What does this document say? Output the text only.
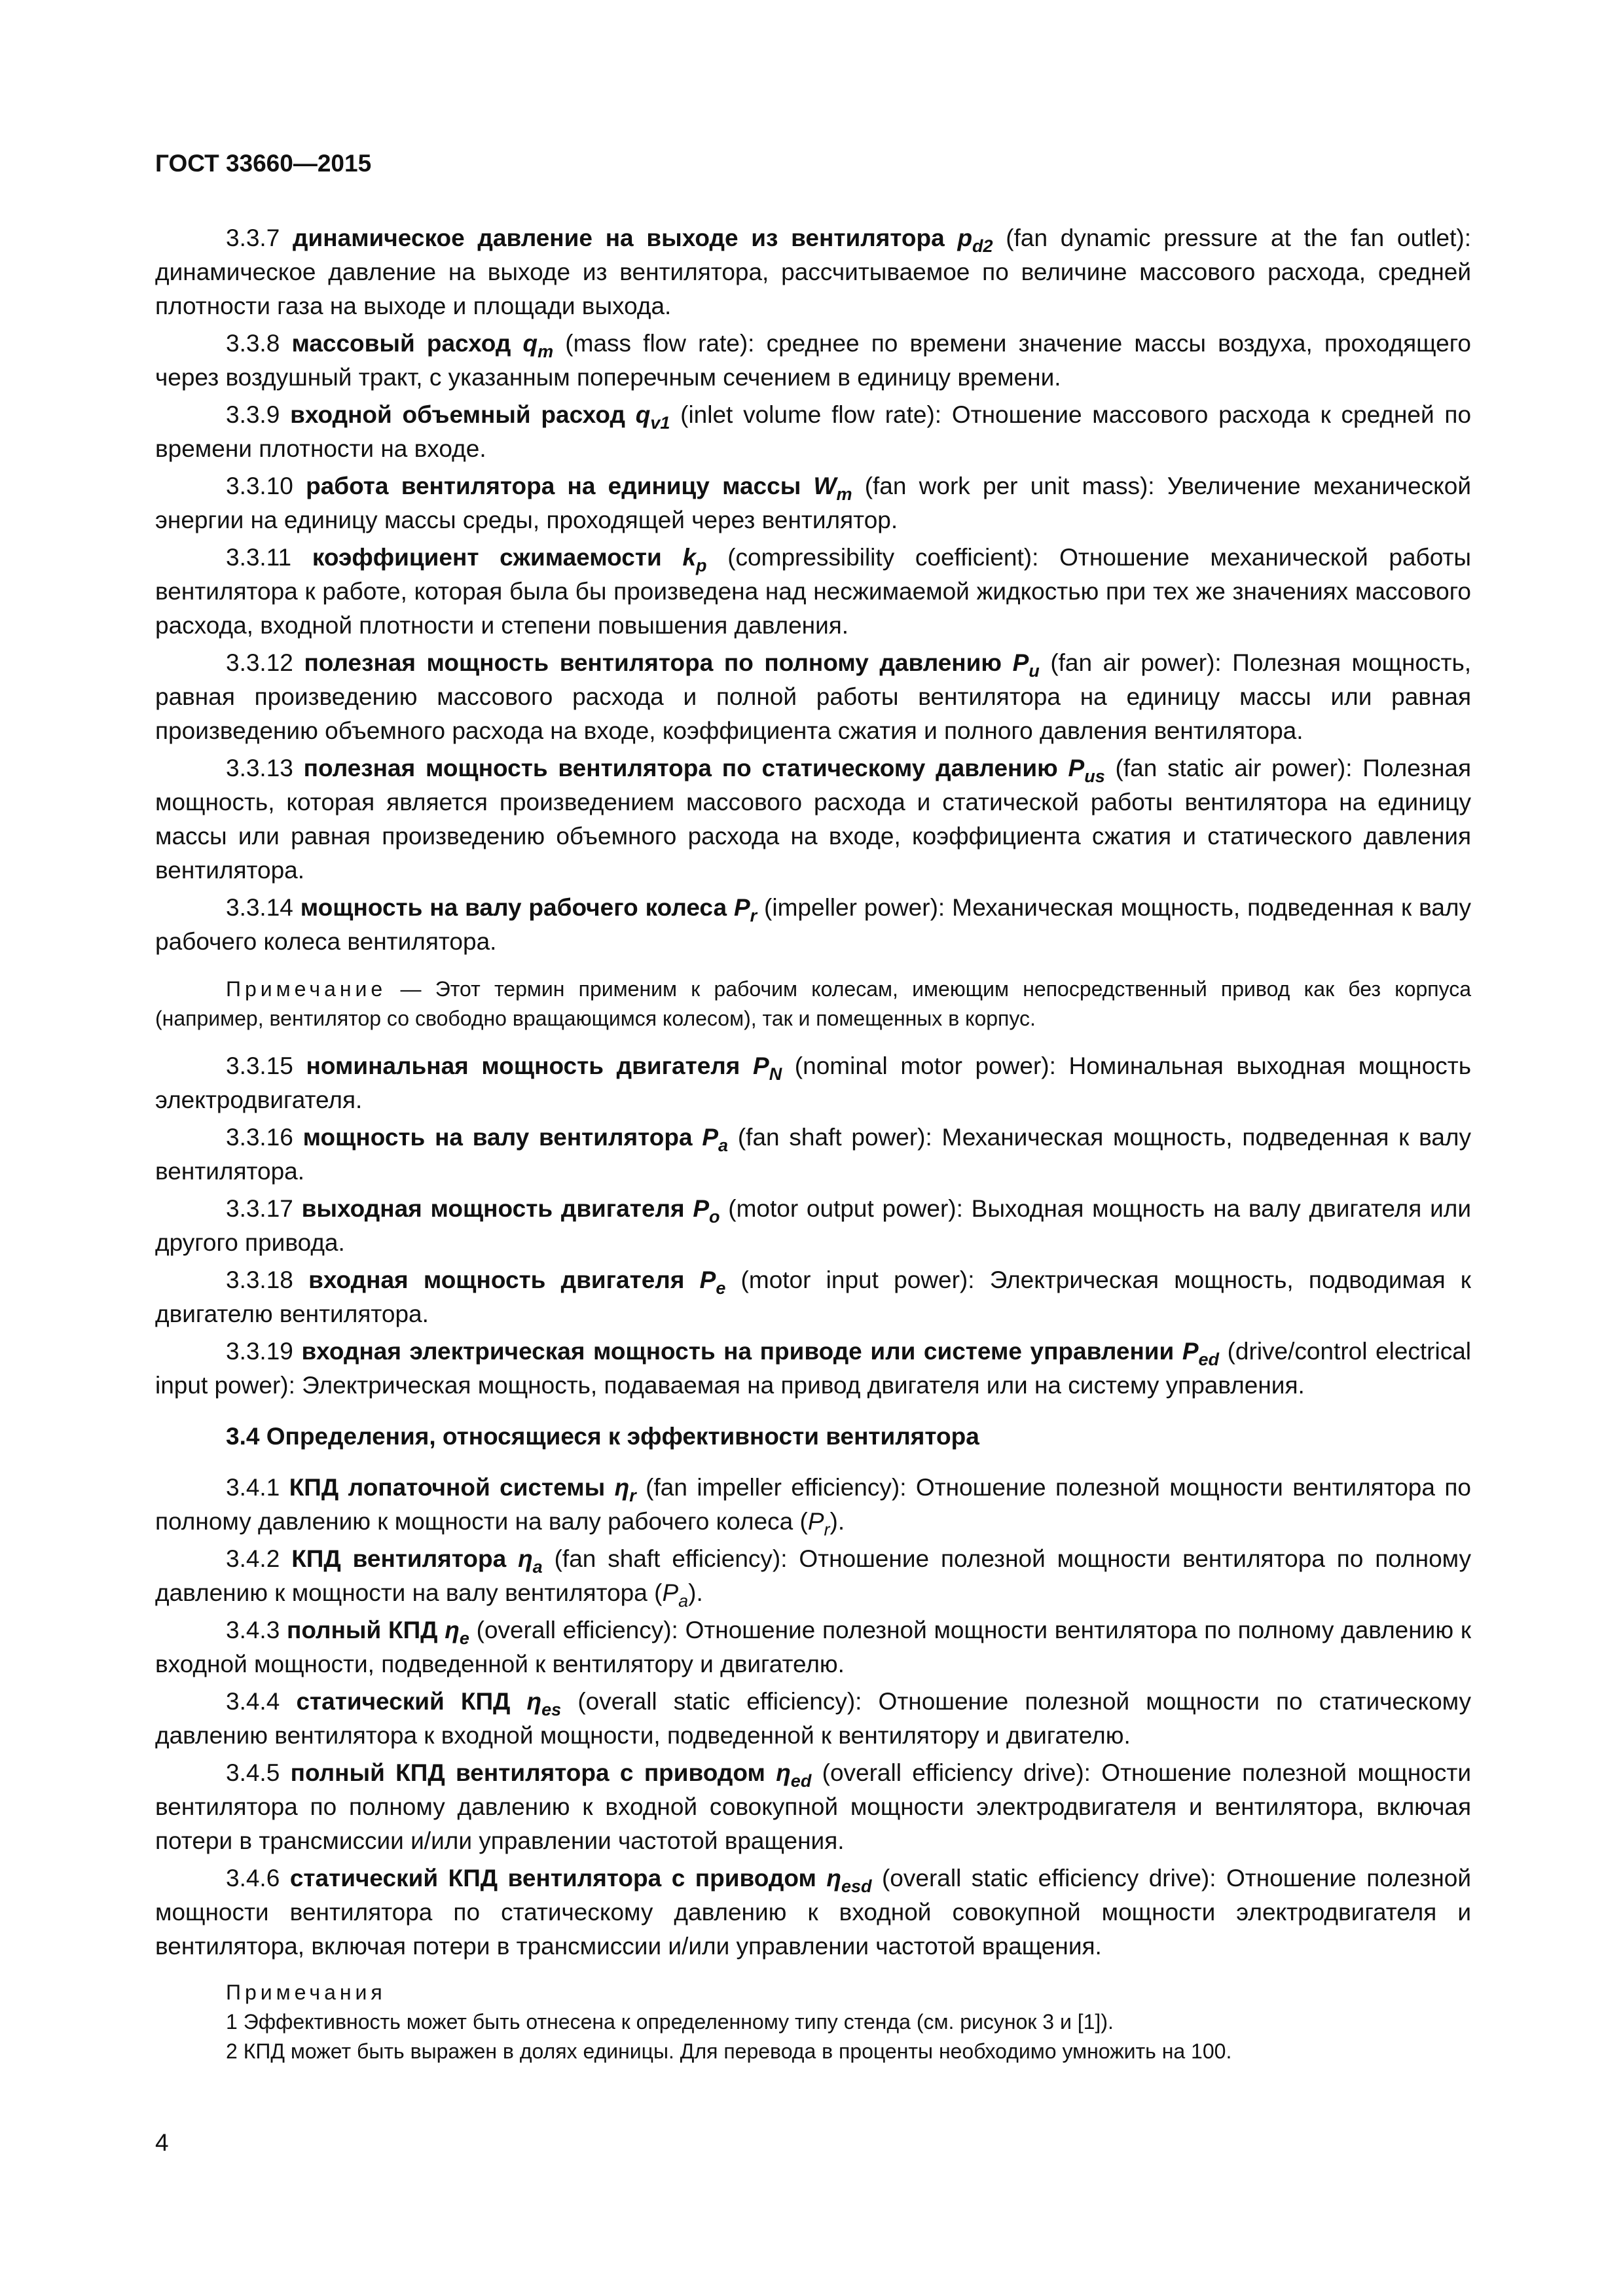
ГОСТ 33660—2015
3.3.7 динамическое давление на выходе из вентилятора $p_{d2}$ (fan dynamic pressure at the fan outlet): динамическое давление на выходе из вентилятора, рассчитываемое по величине массового расхода, средней плотности газа на выходе и площади выхода.
3.3.8 массовый расход $q_m$ (mass flow rate): среднее по времени значение массы воздуха, проходящего через воздушный тракт, с указанным поперечным сечением в единицу времени.
3.3.9 входной объемный расход $q_{v1}$ (inlet volume flow rate): Отношение массового расхода к средней по времени плотности на входе.
3.3.10 работа вентилятора на единицу массы $W_m$ (fan work per unit mass): Увеличение механической энергии на единицу массы среды, проходящей через вентилятор.
3.3.11 коэффициент сжимаемости $k_p$ (compressibility coefficient): Отношение механической работы вентилятора к работе, которая была бы произведена над несжимаемой жидкостью при тех же значениях массового расхода, входной плотности и степени повышения давления.
3.3.12 полезная мощность вентилятора по полному давлению $P_u$ (fan air power): Полезная мощность, равная произведению массового расхода и полной работы вентилятора на единицу массы или равная произведению объемного расхода на входе, коэффициента сжатия и полного давления вентилятора.
3.3.13 полезная мощность вентилятора по статическому давлению $P_{us}$ (fan static air power): Полезная мощность, которая является произведением массового расхода и статической работы вентилятора на единицу массы или равная произведению объемного расхода на входе, коэффициента сжатия и статического давления вентилятора.
3.3.14 мощность на валу рабочего колеса $P_r$ (impeller power): Механическая мощность, подведенная к валу рабочего колеса вентилятора.
Примечание — Этот термин применим к рабочим колесам, имеющим непосредственный привод как без корпуса (например, вентилятор со свободно вращающимся колесом), так и помещенных в корпус.
3.3.15 номинальная мощность двигателя $P_N$ (nominal motor power): Номинальная выходная мощность электродвигателя.
3.3.16 мощность на валу вентилятора $P_a$ (fan shaft power): Механическая мощность, подведенная к валу вентилятора.
3.3.17 выходная мощность двигателя $P_o$ (motor output power): Выходная мощность на валу двигателя или другого привода.
3.3.18 входная мощность двигателя $P_e$ (motor input power): Электрическая мощность, подводимая к двигателю вентилятора.
3.3.19 входная электрическая мощность на приводе или системе управлении $P_{ed}$ (drive/control electrical input power): Электрическая мощность, подаваемая на привод двигателя или на систему управления.
3.4 Определения, относящиеся к эффективности вентилятора
3.4.1 КПД лопаточной системы $\eta_r$ (fan impeller efficiency): Отношение полезной мощности вентилятора по полному давлению к мощности на валу рабочего колеса $(P_r)$.
3.4.2 КПД вентилятора $\eta_a$ (fan shaft efficiency): Отношение полезной мощности вентилятора по полному давлению к мощности на валу вентилятора $(P_a)$.
3.4.3 полный КПД $\eta_e$ (overall efficiency): Отношение полезной мощности вентилятора по полному давлению к входной мощности, подведенной к вентилятору и двигателю.
3.4.4 статический КПД $\eta_{es}$ (overall static efficiency): Отношение полезной мощности по статическому давлению вентилятора к входной мощности, подведенной к вентилятору и двигателю.
3.4.5 полный КПД вентилятора с приводом $\eta_{ed}$ (overall efficiency drive): Отношение полезной мощности вентилятора по полному давлению к входной совокупной мощности электродвигателя и вентилятора, включая потери в трансмиссии и/или управлении частотой вращения.
3.4.6 статический КПД вентилятора с приводом $\eta_{esd}$ (overall static efficiency drive): Отношение полезной мощности вентилятора по статическому давлению к входной совокупной мощности электродвигателя и вентилятора, включая потери в трансмиссии и/или управлении частотой вращения.
Примечания
1 Эффективность может быть отнесена к определенному типу стенда (см. рисунок 3 и [1]).
2 КПД может быть выражен в долях единицы. Для перевода в проценты необходимо умножить на 100.
4
